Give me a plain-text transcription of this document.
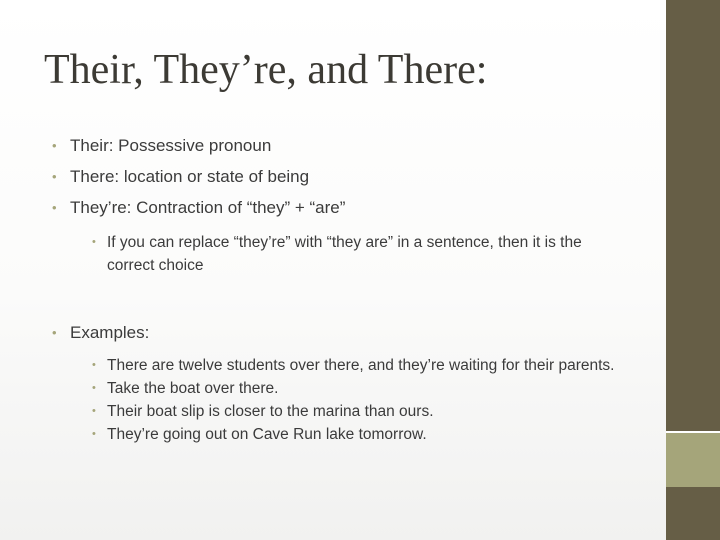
Their, They’re, and There:
• Their: Possessive pronoun
• There: location or state of being
• They’re: Contraction of “they” + “are”
• If you can replace “they’re” with “they are” in a sentence, then it is the correct choice
• Examples:
• There are twelve students over there, and they’re waiting for their parents.
• Take the boat over there.
• Their boat slip is closer to the marina than ours.
• They’re going out on Cave Run lake tomorrow.
